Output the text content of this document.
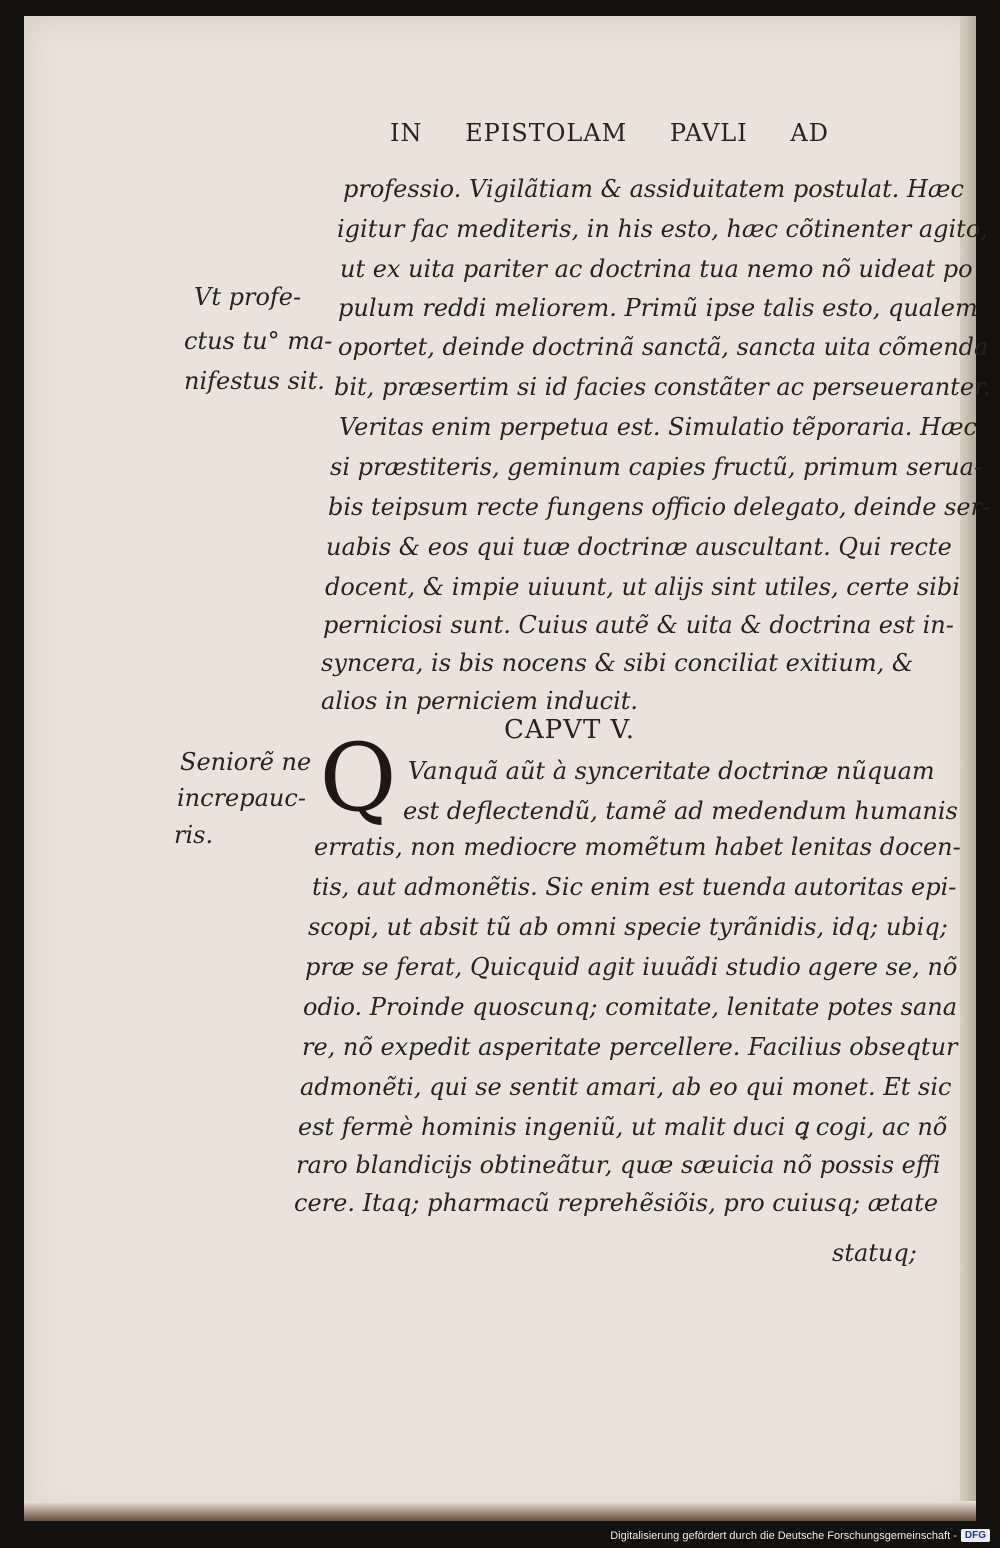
IN EPISTOLAM PAVLI AD
professio. Vigilãtiam & assiduitatem postulat. Hæc
igitur fac mediteris, in his esto, hæc cõtinenter agito,
ut ex uita pariter ac doctrina tua nemo nõ uideat po
pulum reddi meliorem. Primũ ipse talis esto, qualem
oportet, deinde doctrinã sanctã, sancta uita cõmenda
bit, præsertim si id facies constãter ac perseueranter.
Veritas enim perpetua est. Simulatio tẽporaria. Hæc
si præstiteris, geminum capies fructũ, primum serua-
bis teipsum recte fungens officio delegato, deinde ser-
uabis & eos qui tuæ doctrinæ auscultant. Qui recte
docent, & impie uiuunt, ut alijs sint utiles, certe sibi
perniciosi sunt. Cuius autẽ & uita & doctrina est in-
syncera, is bis nocens & sibi conciliat exitium, &
alios in perniciem inducit.
Vt profe-
ctus tu° ma-
nifestus sit.
CAPVT V.
Q Vanquã aũt à synceritate doctrinæ nũquam
est deflectendũ, tamẽ ad medendum humanis
Seniorẽ ne
increpauc-
ris.	erratis, non mediocre momẽtum habet lenitas docen-
tis, aut admonẽtis. Sic enim est tuenda autoritas epi-
scopi, ut absit tũ ab omni specie tyrãnidis, idq; ubiq;
præ se ferat, Quicquid agit iuuãdi studio agere se, nõ
odio. Proinde quoscunq; comitate, lenitate potes sana
re, nõ expedit asperitate percellere. Facilius obseqtur
admonẽti, qui se sentit amari, ab eo qui monet. Et sic
est fermè hominis ingeniũ, ut malit duci ꝗ cogi, ac nõ
raro blandicijs obtineãtur, quæ sæuicia nõ possis effi
cere. Itaq; pharmacũ reprehẽsiõis, pro cuiusq; ætate
statuq;
Digitalisierung gefördert durch die Deutsche Forschungsgemeinschaft - DFG
